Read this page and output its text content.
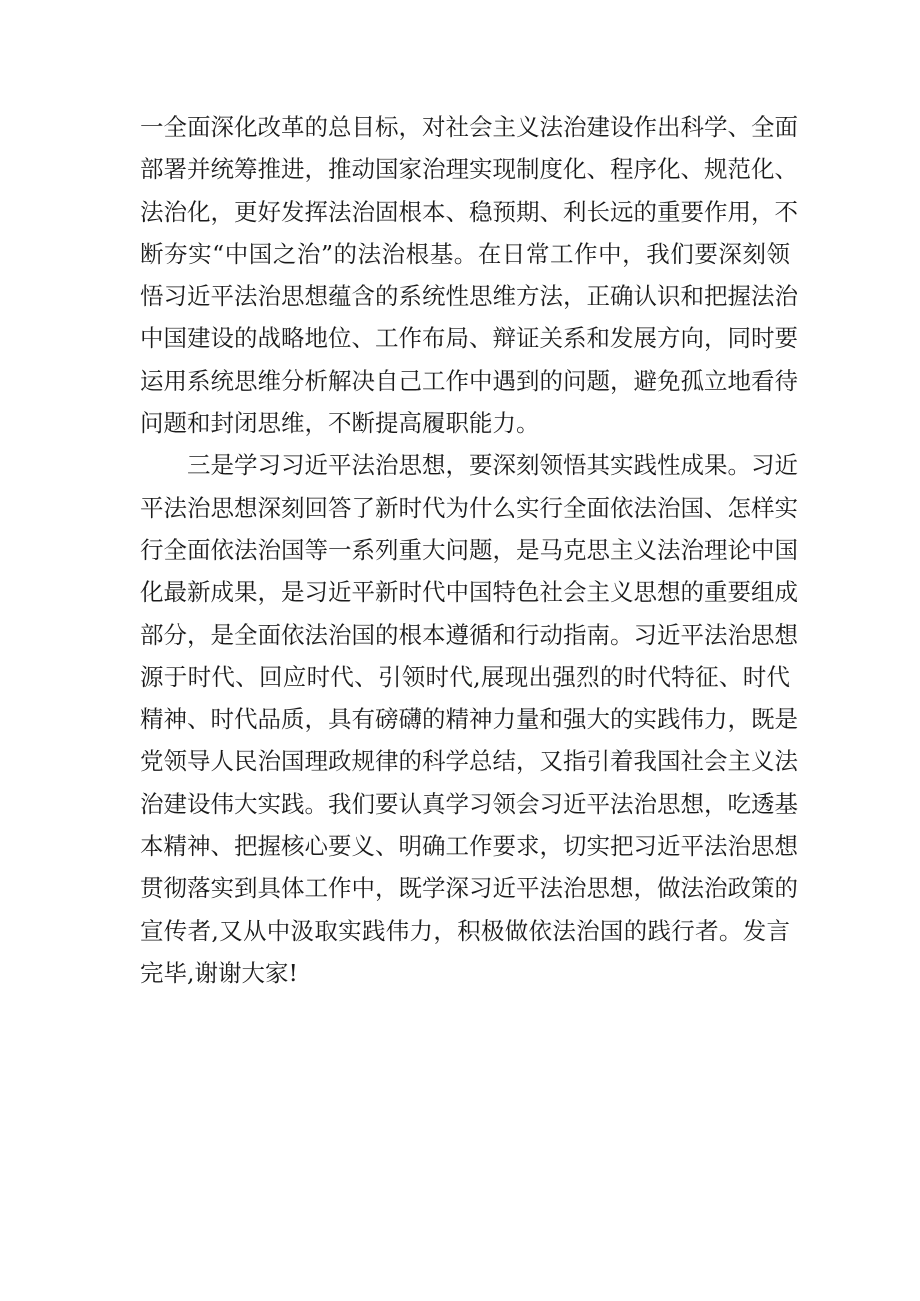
一全面深化改革的总目标，对社会主义法治建设作出科学、全面
部署并统筹推进，推动国家治理实现制度化、程序化、规范化、
法治化，更好发挥法治固根本、稳预期、利长远的重要作用，不
断夯实“中国之治”的法治根基。在日常工作中，我们要深刻领
悟习近平法治思想蕴含的系统性思维方法，正确认识和把握法治
中国建设的战略地位、工作布局、辩证关系和发展方向，同时要
运用系统思维分析解决自己工作中遇到的问题，避免孤立地看待
问题和封闭思维，不断提高履职能力。
三是学习习近平法治思想，要深刻领悟其实践性成果。习近
平法治思想深刻回答了新时代为什么实行全面依法治国、怎样实
行全面依法治国等一系列重大问题，是马克思主义法治理论中国
化最新成果，是习近平新时代中国特色社会主义思想的重要组成
部分，是全面依法治国的根本遵循和行动指南。习近平法治思想
源于时代、回应时代、引领时代,展现出强烈的时代特征、时代
精神、时代品质，具有磅礴的精神力量和强大的实践伟力，既是
党领导人民治国理政规律的科学总结，又指引着我国社会主义法
治建设伟大实践。我们要认真学习领会习近平法治思想，吃透基
本精神、把握核心要义、明确工作要求，切实把习近平法治思想
贯彻落实到具体工作中，既学深习近平法治思想，做法治政策的
宣传者,又从中汲取实践伟力，积极做依法治国的践行者。发言
完毕,谢谢大家!
